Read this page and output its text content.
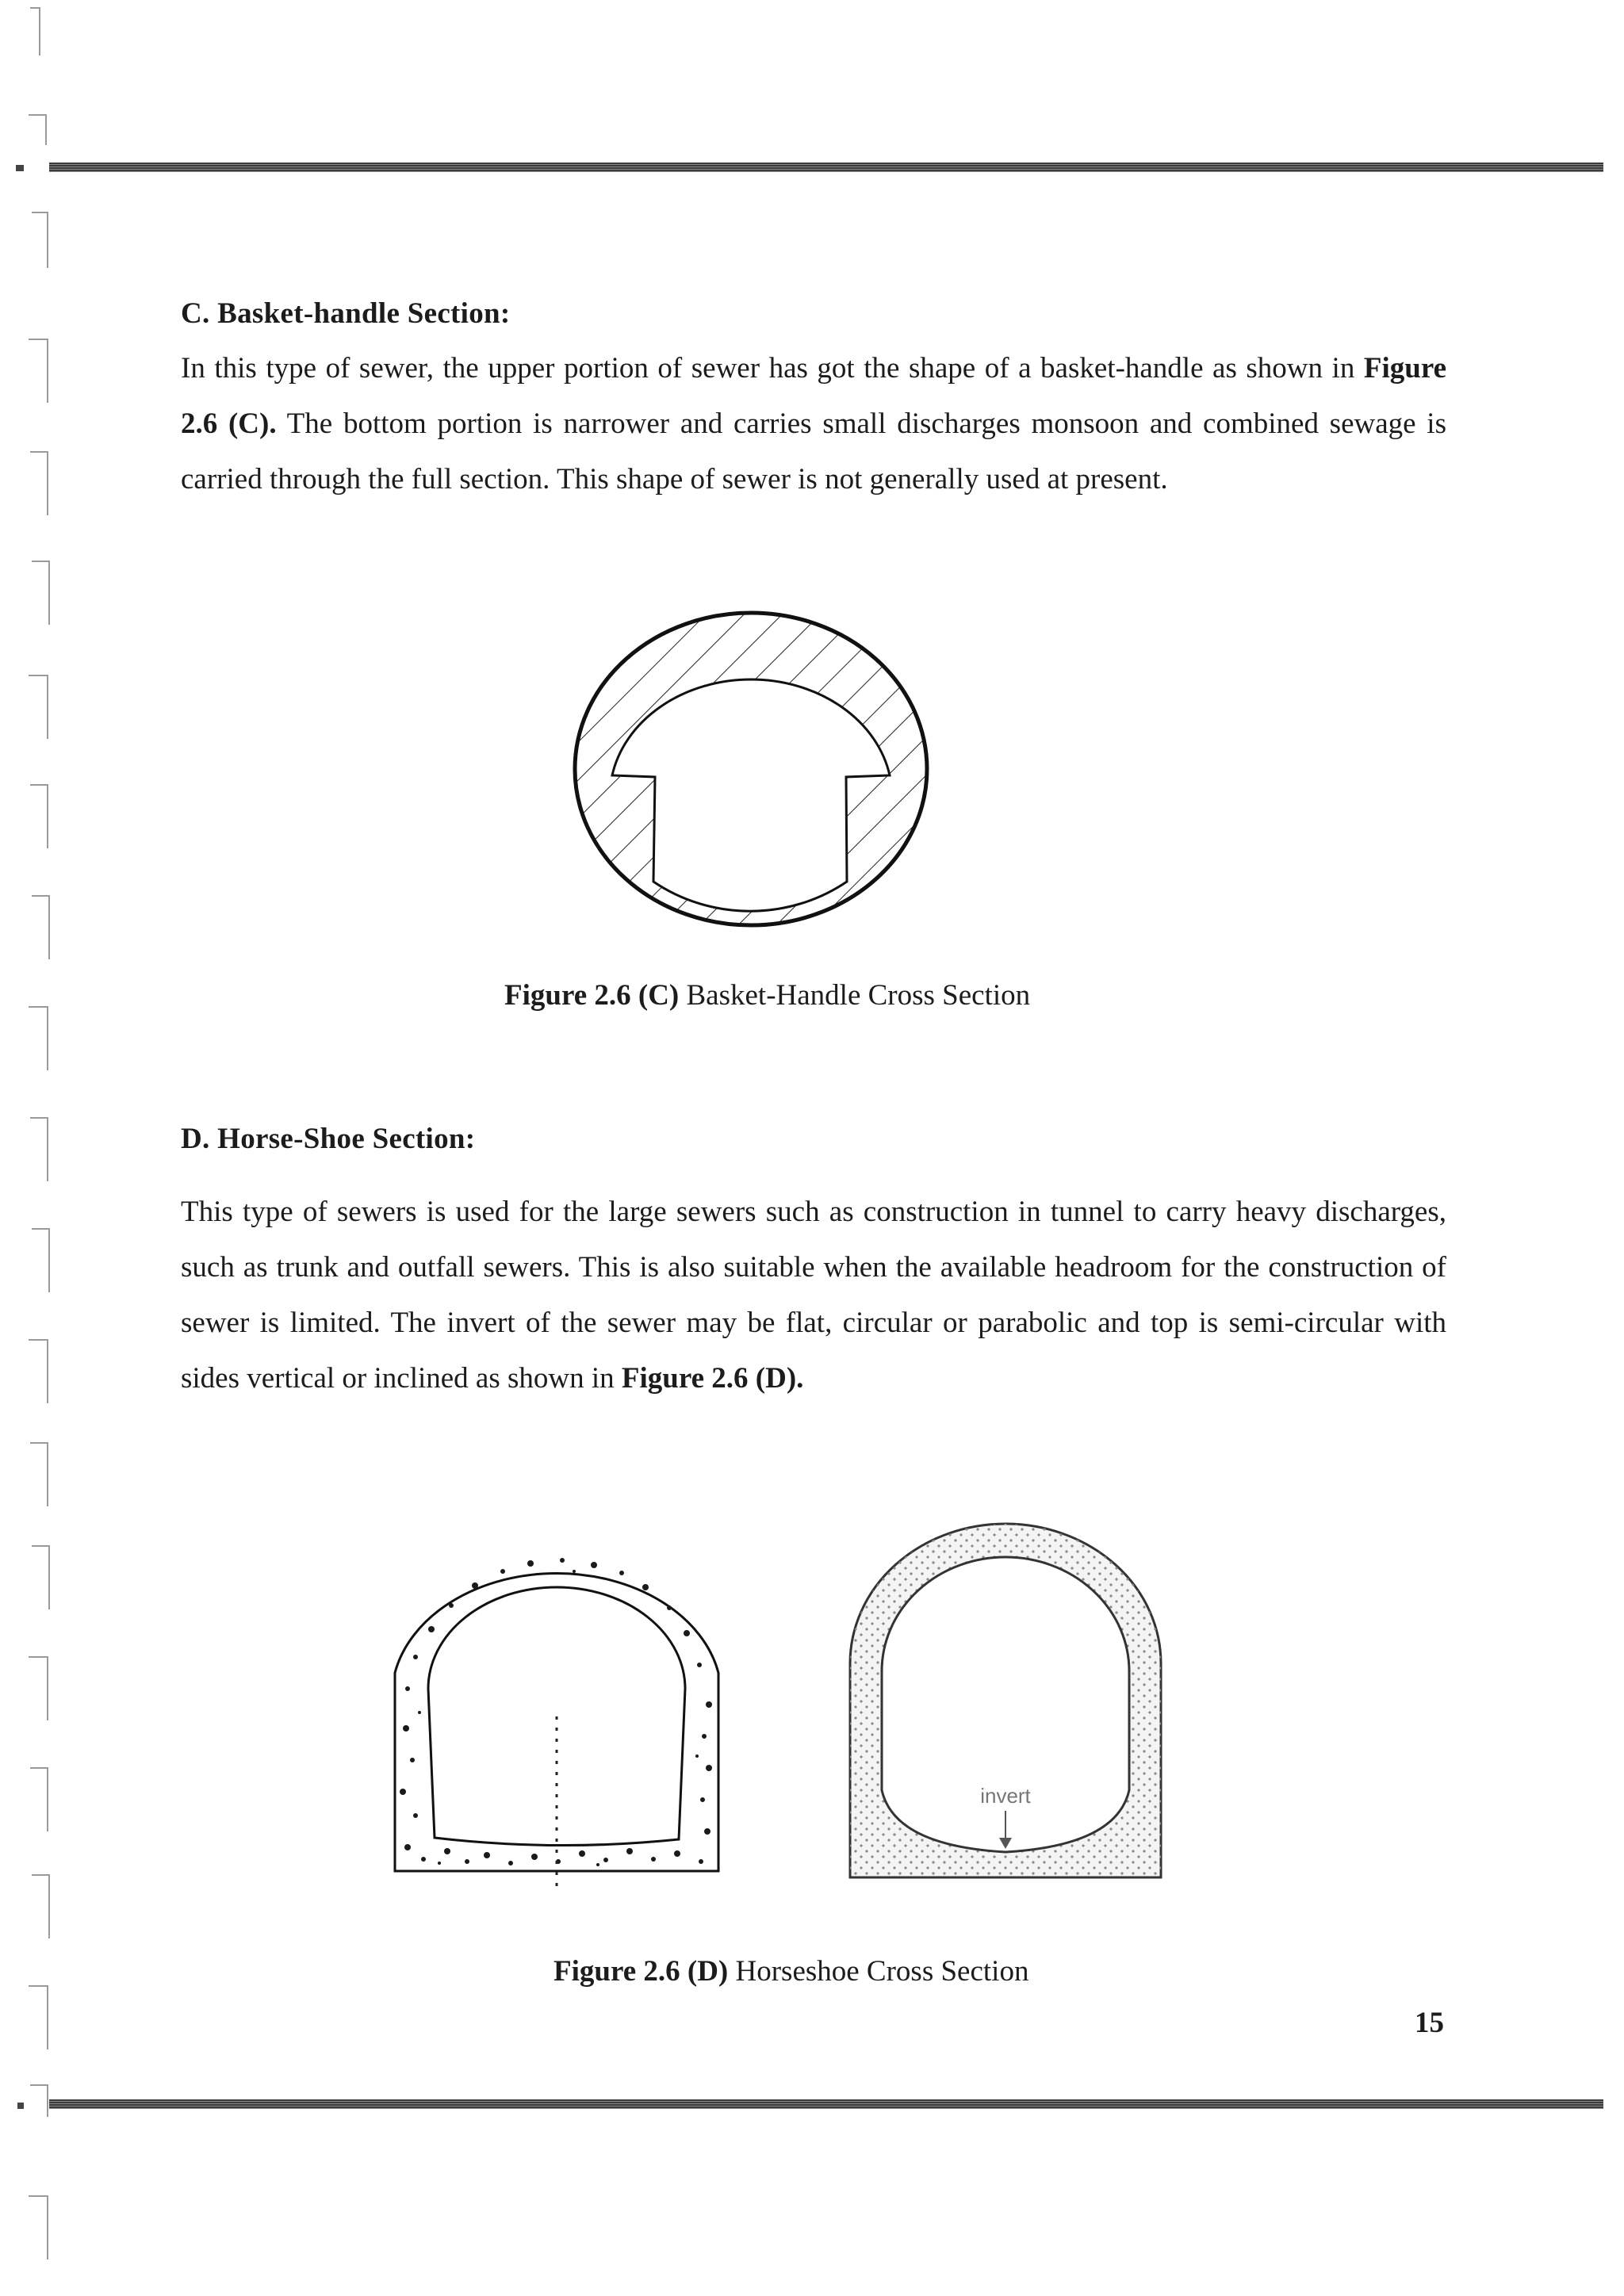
C. Basket-handle Section:

In this type of sewer, the upper portion of sewer has got the shape of a basket-handle as shown in Figure 2.6 (C). The bottom portion is narrower and carries small discharges monsoon and combined sewage is carried through the full section. This shape of sewer is not generally used at present.

Figure 2.6 (C) Basket-Handle Cross Section

D. Horse-Shoe Section:

This type of sewers is used for the large sewers such as construction in tunnel to carry heavy discharges, such as trunk and outfall sewers. This is also suitable when the available headroom for the construction of sewer is limited. The invert of the sewer may be flat, circular or parabolic and top is semi-circular with sides vertical or inclined as shown in Figure 2.6 (D).

invert

Figure 2.6 (D) Horseshoe Cross Section

15
